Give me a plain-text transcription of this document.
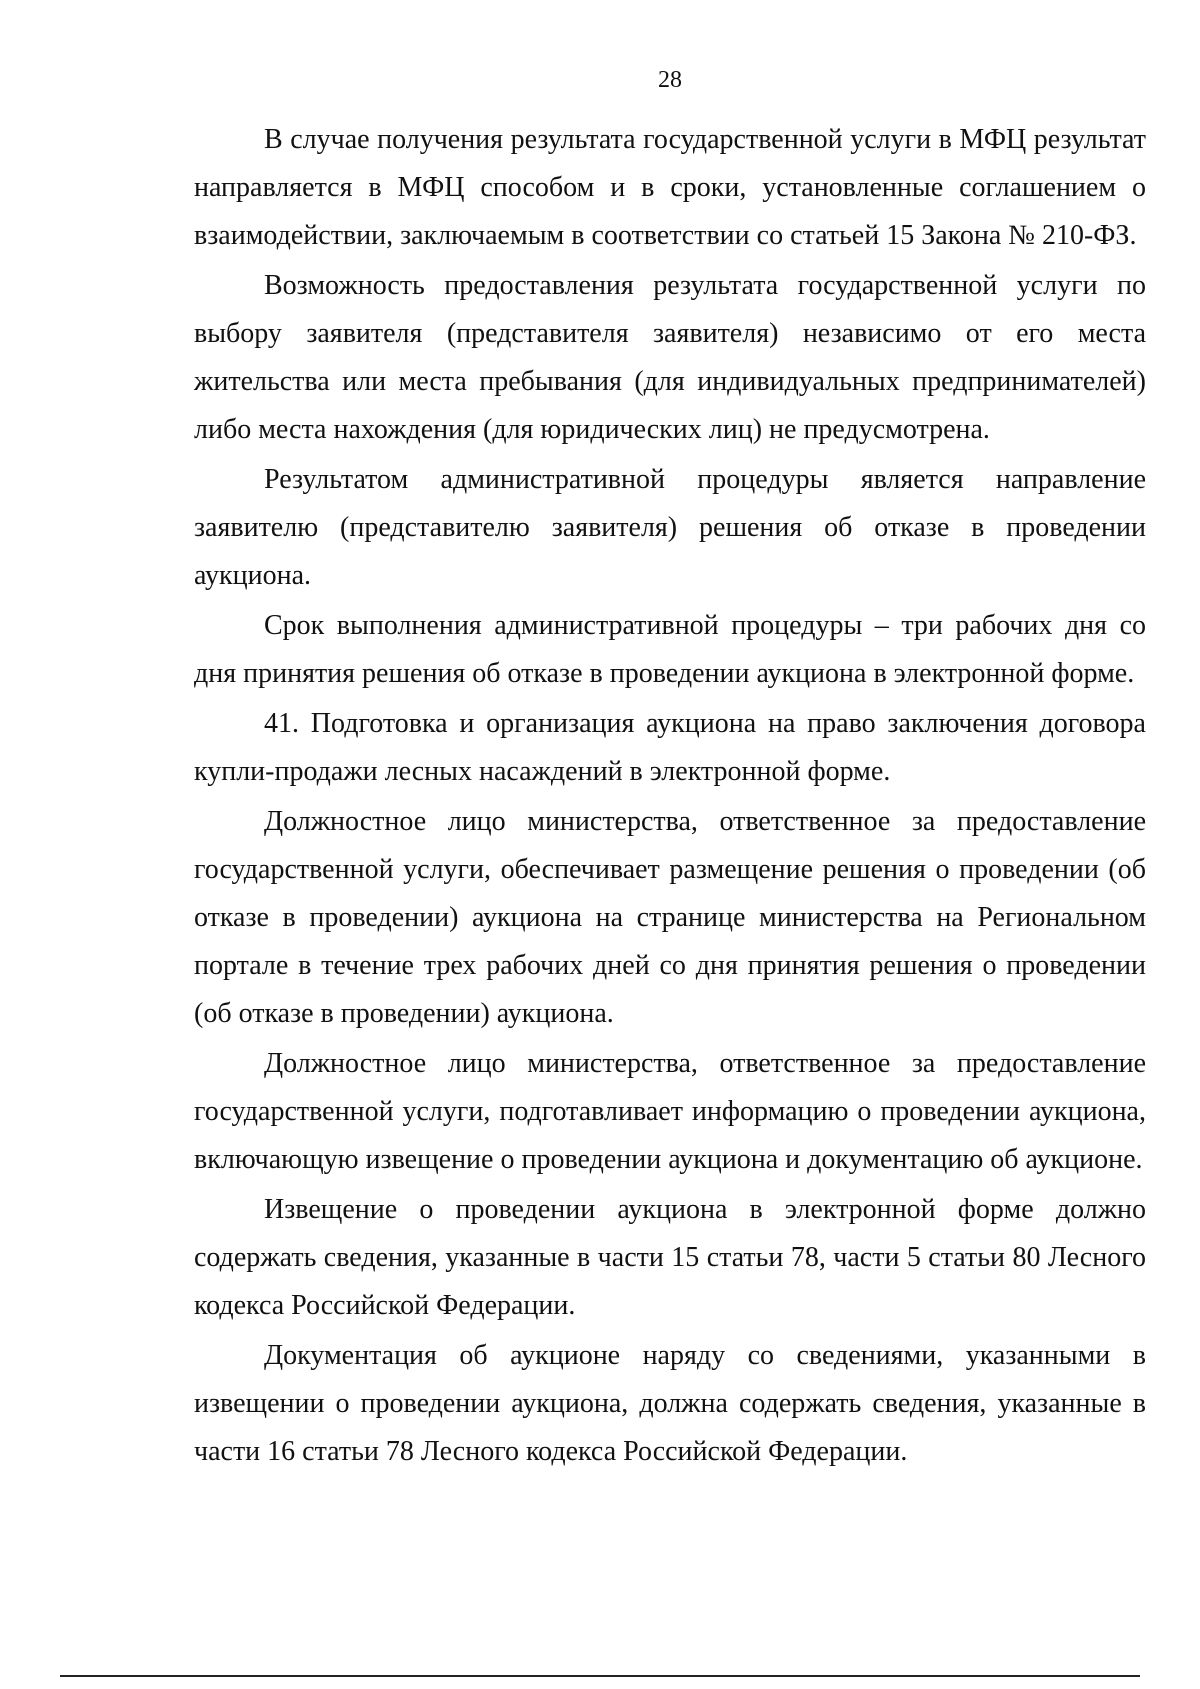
28

В случае получения результата государственной услуги в МФЦ результат направляется в МФЦ способом и в сроки, установленные соглашением о взаимодействии, заключаемым в соответствии со статьей 15 Закона № 210-ФЗ.

Возможность предоставления результата государственной услуги по выбору заявителя (представителя заявителя) независимо от его места жительства или места пребывания (для индивидуальных предпринимателей) либо места нахождения (для юридических лиц) не предусмотрена.

Результатом административной процедуры является направление заявителю (представителю заявителя) решения об отказе в проведении аукциона.

Срок выполнения административной процедуры – три рабочих дня со дня принятия решения об отказе в проведении аукциона в электронной форме.

41. Подготовка и организация аукциона на право заключения договора купли-продажи лесных насаждений в электронной форме.

Должностное лицо министерства, ответственное за предоставление государственной услуги, обеспечивает размещение решения о проведении (об отказе в проведении) аукциона на странице министерства на Региональном портале в течение трех рабочих дней со дня принятия решения о проведении (об отказе в проведении) аукциона.

Должностное лицо министерства, ответственное за предоставление государственной услуги, подготавливает информацию о проведении аукциона, включающую извещение о проведении аукциона и документацию об аукционе.

Извещение о проведении аукциона в электронной форме должно содержать сведения, указанные в части 15 статьи 78, части 5 статьи 80 Лесного кодекса Российской Федерации.

Документация об аукционе наряду со сведениями, указанными в извещении о проведении аукциона, должна содержать сведения, указанные в части 16 статьи 78 Лесного кодекса Российской Федерации.
